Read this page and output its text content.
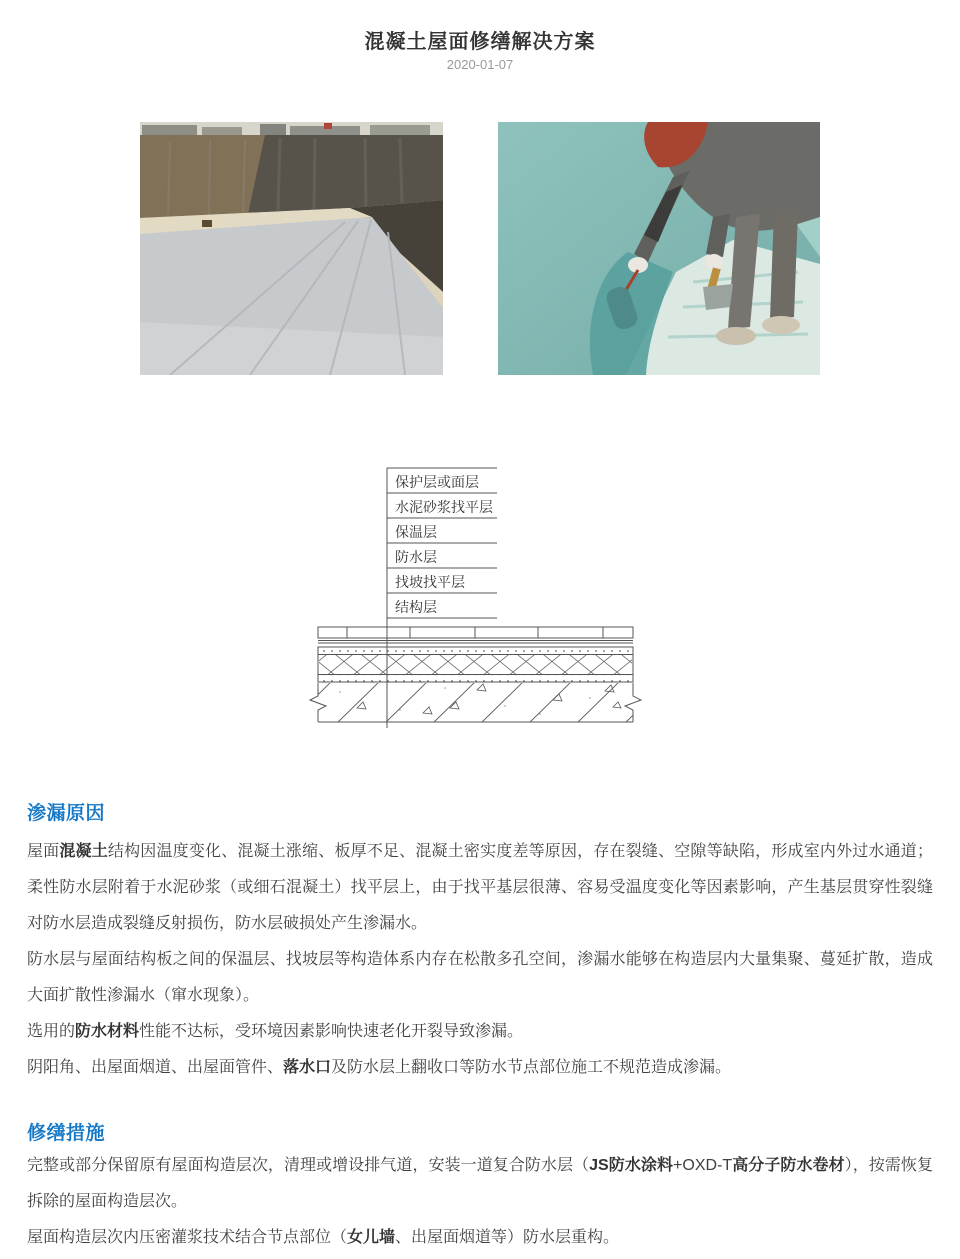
混凝土屋面修缮解决方案
2020-01-07
保护层或面层
水泥砂浆找平层
保温层
防水层
找坡找平层
结构层
渗漏原因

屋面混凝土结构因温度变化、混凝土涨缩、板厚不足、混凝土密实度差等原因，存在裂缝、空隙等缺陷，形成室内外过水通道；柔性防水层附着于水泥砂浆（或细石混凝土）找平层上，由于找平基层很薄、容易受温度变化等因素影响，产生基层贯穿性裂缝对防水层造成裂缝反射损伤，防水层破损处产生渗漏水。

防水层与屋面结构板之间的保温层、找坡层等构造体系内存在松散多孔空间，渗漏水能够在构造层内大量集聚、蔓延扩散，造成大面扩散性渗漏水（窜水现象）。

选用的防水材料性能不达标，受环境因素影响快速老化开裂导致渗漏。

阴阳角、出屋面烟道、出屋面管件、落水口及防水层上翻收口等防水节点部位施工不规范造成渗漏。

修缮措施

完整或部分保留原有屋面构造层次，清理或增设排气道，安装一道复合防水层（JS防水涂料+OXD-T高分子防水卷材），按需恢复拆除的屋面构造层次。

屋面构造层次内压密灌浆技术结合节点部位（女儿墙、出屋面烟道等）防水层重构。
